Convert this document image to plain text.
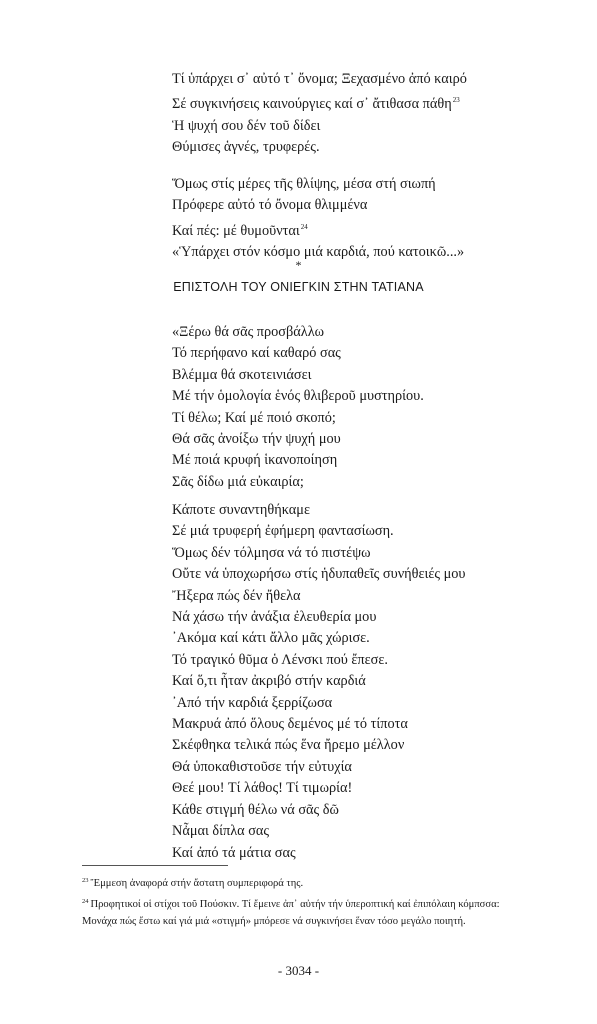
Τί ὑπάρχει σ᾿ αὐτό τ᾿ ὄνομα; Ξεχασμένο ἀπό καιρό
Σέ συγκινήσεις καινούργιες καί σ᾿ ἄτιθασα πάθη$^{23}$
Ἡ ψυχή σου δέν τοῦ δίδει
Θύμισες ἁγνές, τρυφερές.
Ὅμως στίς μέρες τῆς θλίψης, μέσα στή σιωπή
Πρόφερε αὐτό τό ὄνομα θλιμμένα
Καί πές: μέ θυμοῦνται$^{24}$
«Ὑπάρχει στόν κόσμο μιά καρδιά, πού κατοικῶ...»
*
ΕΠΙΣΤΟΛΗ ΤΟΥ ΟΝΙΕΓΚΙΝ ΣΤΗΝ ΤΑΤΙΑΝΑ
«Ξέρω θά σᾶς προσβάλλω
Τό περήφανο καί καθαρό σας
Βλέμμα θά σκοτεινιάσει
Μέ τήν ὁμολογία ἑνός θλιβεροῦ μυστηρίου.
Τί θέλω; Καί μέ ποιό σκοπό;
Θά σᾶς ἀνοίξω τήν ψυχή μου
Μέ ποιά κρυφή ἱκανοποίηση
Σᾶς δίδω μιά εὐκαιρία;
Κάποτε συναντηθήκαμε
Σέ μιά τρυφερή ἐφήμερη φαντασίωση.
Ὅμως δέν τόλμησα νά τό πιστέψω
Οὔτε νά ὑποχωρήσω στίς ἡδυπαθεῖς συνήθειές μου
Ἤξερα πώς δέν ἤθελα
Νά χάσω τήν ἀνάξια ἐλευθερία μου
᾿Ακόμα καί κάτι ἄλλο μᾶς χώρισε.
Τό τραγικό θῦμα ὁ Λένσκι πού ἔπεσε.
Καί ὅ,τι ἦταν ἀκριβό στήν καρδιά
᾿Από τήν καρδιά ξερρίζωσα
Μακρυά ἀπό ὅλους δεμένος μέ τό τίποτα
Σκέφθηκα τελικά πώς ἕνα ἤρεμο μέλλον
Θά ὑποκαθιστοῦσε τήν εὐτυχία
Θεέ μου! Τί λάθος! Τί τιμωρία!
Κάθε στιγμή θέλω νά σᾶς δῶ
Νἆμαι δίπλα σας
Καί ἀπό τά μάτια σας
$^{23}$ Ἔμμεση ἀναφορά στήν ἄστατη συμπεριφορά της.
$^{24}$ Προφητικοί οἱ στίχοι τοῦ Πούσκιν. Τί ἔμεινε ἀπ᾿ αὐτήν τήν ὑπεροπτική καί ἐπιπόλαιη κόμπσσα:
Μονάχα πώς ἔστω καί γιά μιά «στιγμή» μπόρεσε νά συγκινήσει ἕναν τόσο μεγάλο ποιητή.
- 3034 -
